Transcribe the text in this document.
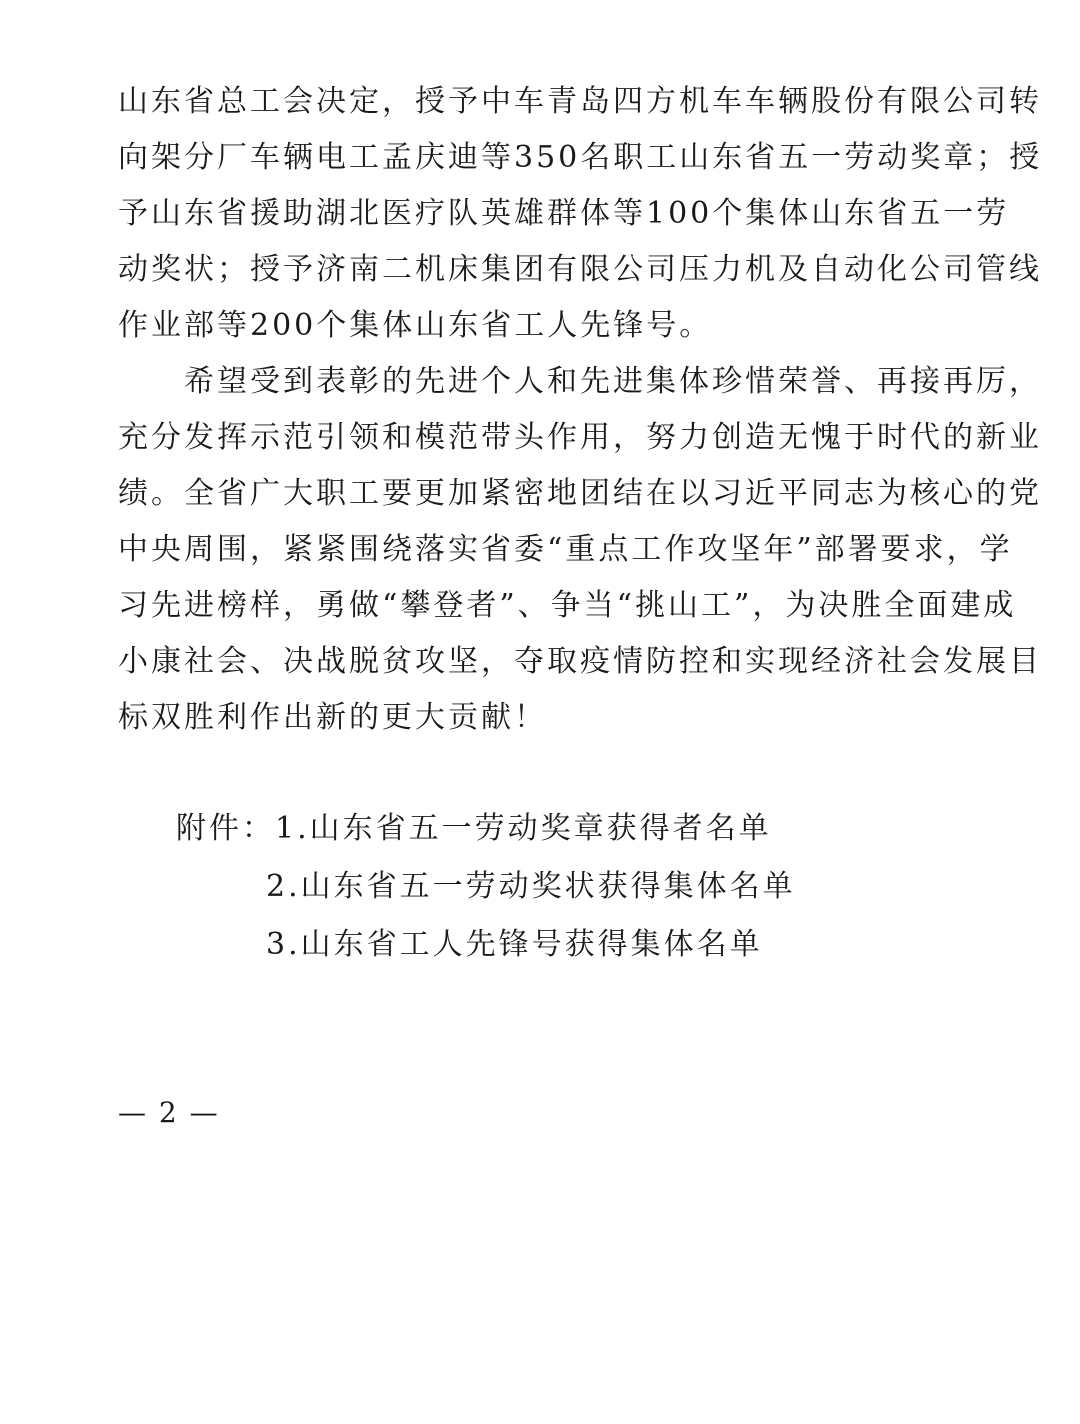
山东省总工会决定，授予中车青岛四方机车车辆股份有限公司转
向架分厂车辆电工孟庆迪等350名职工山东省五一劳动奖章；授
予山东省援助湖北医疗队英雄群体等100个集体山东省五一劳
动奖状；授予济南二机床集团有限公司压力机及自动化公司管线
作业部等200个集体山东省工人先锋号。
　　希望受到表彰的先进个人和先进集体珍惜荣誉、再接再厉，
充分发挥示范引领和模范带头作用，努力创造无愧于时代的新业
绩。全省广大职工要更加紧密地团结在以习近平同志为核心的党
中央周围，紧紧围绕落实省委“重点工作攻坚年”部署要求，学
习先进榜样，勇做“攀登者”、争当“挑山工”，为决胜全面建成
小康社会、决战脱贫攻坚，夺取疫情防控和实现经济社会发展目
标双胜利作出新的更大贡献！
附件：1.山东省五一劳动奖章获得者名单
2.山东省五一劳动奖状获得集体名单
3.山东省工人先锋号获得集体名单
— 2 —
